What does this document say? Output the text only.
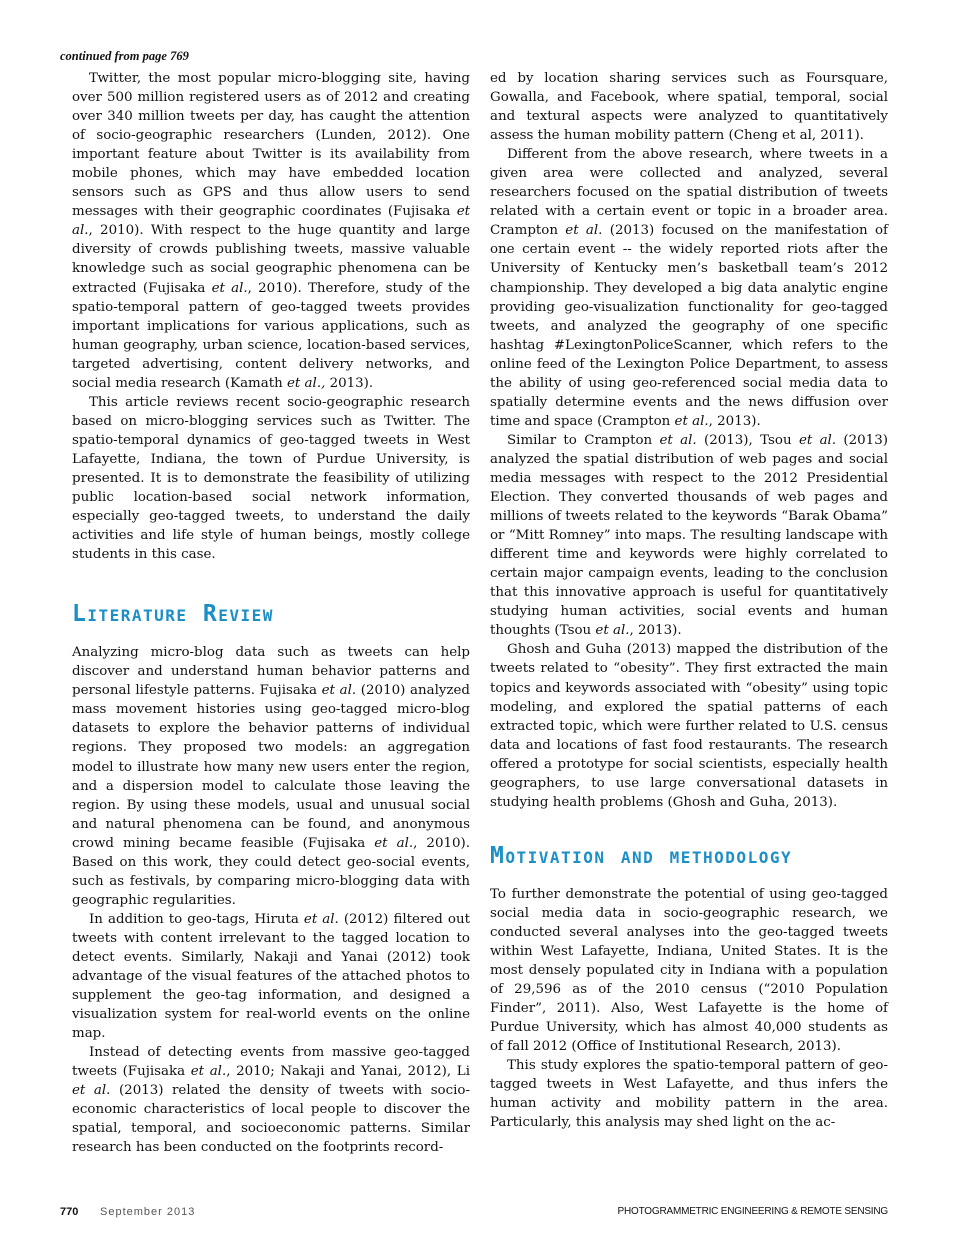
continued from page 769

Twitter, the most popular micro-blogging site, having over 500 million registered users as of 2012 and creating over 340 million tweets per day, has caught the attention of socio-geographic researchers (Lunden, 2012). One important feature about Twitter is its availability from mobile phones, which may have embedded location sensors such as GPS and thus allow users to send messages with their geographic coordinates (Fujisaka et al., 2010). With respect to the huge quantity and large diversity of crowds publishing tweets, massive valuable knowledge such as social geographic phenomena can be extracted (Fujisaka et al., 2010). Therefore, study of the spatio-temporal pattern of geo-tagged tweets provides important implications for various applications, such as human geography, urban science, location-based services, targeted advertising, content delivery networks, and social media research (Kamath et al., 2013).

This article reviews recent socio-geographic research based on micro-blogging services such as Twitter. The spatio-temporal dynamics of geo-tagged tweets in West Lafayette, Indiana, the town of Purdue University, is presented. It is to demonstrate the feasibility of utilizing public location-based social network information, especially geo-tagged tweets, to understand the daily activities and life style of human beings, mostly college students in this case.

Literature Review

Analyzing micro-blog data such as tweets can help discover and understand human behavior patterns and personal lifestyle patterns. Fujisaka et al. (2010) analyzed mass movement histories using geo-tagged micro-blog datasets to explore the behavior patterns of individual regions. They proposed two models: an aggregation model to illustrate how many new users enter the region, and a dispersion model to calculate those leaving the region. By using these models, usual and unusual social and natural phenomena can be found, and anonymous crowd mining became feasible (Fujisaka et al., 2010). Based on this work, they could detect geo-social events, such as festivals, by comparing micro-blogging data with geographic regularities.

In addition to geo-tags, Hiruta et al. (2012) filtered out tweets with content irrelevant to the tagged location to detect events. Similarly, Nakaji and Yanai (2012) took advantage of the visual features of the attached photos to supplement the geo-tag information, and designed a visualization system for real-world events on the online map.

Instead of detecting events from massive geo-tagged tweets (Fujisaka et al., 2010; Nakaji and Yanai, 2012), Li et al. (2013) related the density of tweets with socio-economic characteristics of local people to discover the spatial, temporal, and socioeconomic patterns. Similar research has been conducted on the footprints record-

ed by location sharing services such as Foursquare, Gowalla, and Facebook, where spatial, temporal, social and textural aspects were analyzed to quantitatively assess the human mobility pattern (Cheng et al, 2011).

Different from the above research, where tweets in a given area were collected and analyzed, several researchers focused on the spatial distribution of tweets related with a certain event or topic in a broader area. Crampton et al. (2013) focused on the manifestation of one certain event -- the widely reported riots after the University of Kentucky men’s basketball team’s 2012 championship. They developed a big data analytic engine providing geo-visualization functionality for geo-tagged tweets, and analyzed the geography of one specific hashtag #LexingtonPoliceScanner, which refers to the online feed of the Lexington Police Department, to assess the ability of using geo-referenced social media data to spatially determine events and the news diffusion over time and space (Crampton et al., 2013).

Similar to Crampton et al. (2013), Tsou et al. (2013) analyzed the spatial distribution of web pages and social media messages with respect to the 2012 Presidential Election. They converted thousands of web pages and millions of tweets related to the keywords “Barak Obama” or “Mitt Romney” into maps. The resulting landscape with different time and keywords were highly correlated to certain major campaign events, leading to the conclusion that this innovative approach is useful for quantitatively studying human activities, social events and human thoughts (Tsou et al., 2013).

Ghosh and Guha (2013) mapped the distribution of the tweets related to “obesity”. They first extracted the main topics and keywords associated with “obesity” using topic modeling, and explored the spatial patterns of each extracted topic, which were further related to U.S. census data and locations of fast food restaurants. The research offered a prototype for social scientists, especially health geographers, to use large conversational datasets in studying health problems (Ghosh and Guha, 2013).

Motivation and methodology

To further demonstrate the potential of using geo-tagged social media data in socio-geographic research, we conducted several analyses into the geo-tagged tweets within West Lafayette, Indiana, United States. It is the most densely populated city in Indiana with a population of 29,596 as of the 2010 census (“2010 Population Finder”, 2011). Also, West Lafayette is the home of Purdue University, which has almost 40,000 students as of fall 2012 (Office of Institutional Research, 2013).

This study explores the spatio-temporal pattern of geo-tagged tweets in West Lafayette, and thus infers the human activity and mobility pattern in the area. Particularly, this analysis may shed light on the ac-

770 September 2013	PHOTOGRAMMETRIC ENGINEERING & REMOTE SENSING
